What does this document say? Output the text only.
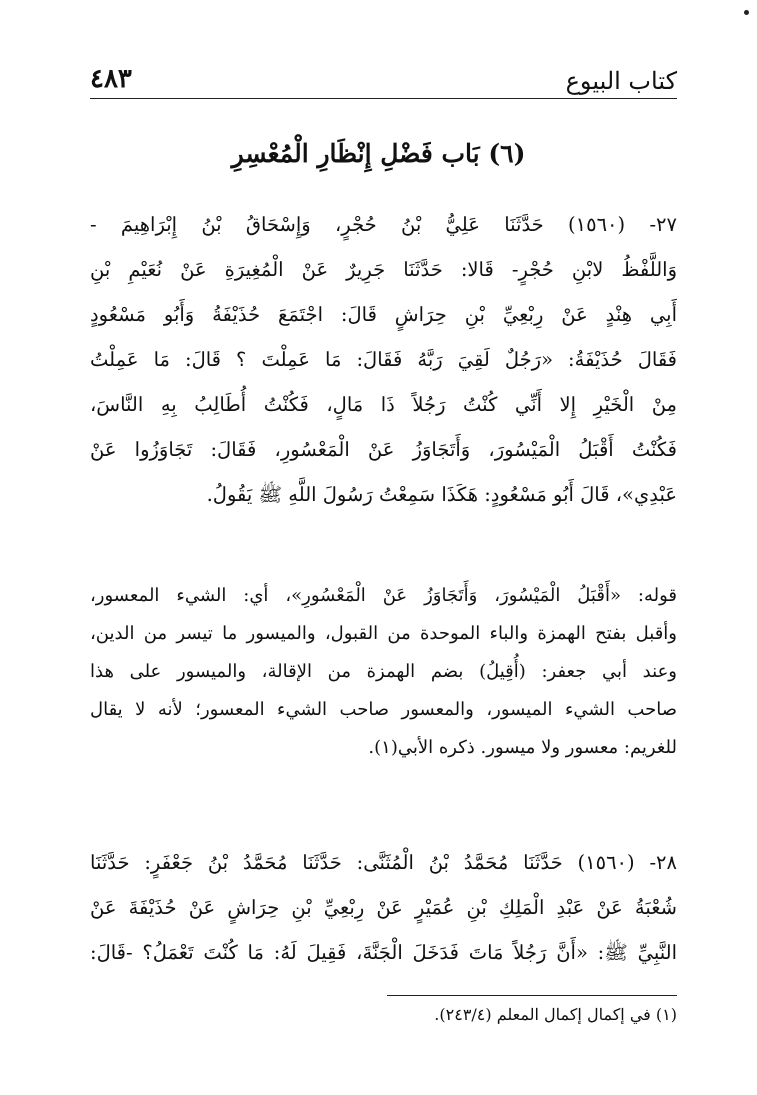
كتاب البيوع
٤٨٣
(٦) بَاب فَضْلِ إِنْظَارِ الْمُعْسِرِ
٢٧- (١٥٦٠) حَدَّثَنَا عَلِيُّ بْنُ حُجْرٍ، وَإِسْحَاقُ بْنُ إِبْرَاهِيمَ -
وَاللَّفْظُ لابْنِ حُجْرٍ- قَالا: حَدَّثَنَا جَرِيرٌ عَنْ الْمُغِيرَةِ عَنْ نُعَيْمِ بْنِ
أَبِي هِنْدٍ عَنْ رِبْعِيِّ بْنِ حِرَاشٍ قَالَ: اجْتَمَعَ حُذَيْفَةُ وَأَبُو مَسْعُودٍ
فَقَالَ حُذَيْفَةُ: «رَجُلٌ لَقِيَ رَبَّهُ فَقَالَ: مَا عَمِلْتَ ؟ قَالَ: مَا عَمِلْتُ
مِنْ الْخَيْرِ إِلا أَنِّي كُنْتُ رَجُلاً ذَا مَالٍ، فَكُنْتُ أُطَالِبُ بِهِ النَّاسَ،
فَكُنْتُ أَقْبَلُ الْمَيْسُورَ، وَأَتَجَاوَزُ عَنْ الْمَعْسُورِ، فَقَالَ: تَجَاوَزُوا عَنْ
عَبْدِي»، قَالَ أَبُو مَسْعُودٍ: هَكَذَا سَمِعْتُ رَسُولَ اللَّهِ ﷺ يَقُولُ.
قوله: «أَقْبَلُ الْمَيْسُورَ، وَأَتَجَاوَزُ عَنْ الْمَعْسُورِ»، أي: الشيء المعسور،
وأقبل بفتح الهمزة والباء الموحدة من القبول، والميسور ما تيسر من الدين،
وعند أبي جعفر: (أُقِيلُ) بضم الهمزة من الإقالة، والميسور على هذا
صاحب الشيء الميسور، والمعسور صاحب الشيء المعسور؛ لأنه لا يقال
للغريم: معسور ولا ميسور. ذكره الأبي(١).
٢٨- (١٥٦٠) حَدَّثَنَا مُحَمَّدُ بْنُ الْمُثَنَّى: حَدَّثَنَا مُحَمَّدُ بْنُ جَعْفَرٍ: حَدَّثَنَا
شُعْبَةُ عَنْ عَبْدِ الْمَلِكِ بْنِ عُمَيْرٍ عَنْ رِبْعِيِّ بْنِ حِرَاشٍ عَنْ حُذَيْفَةَ عَنْ
النَّبِيِّ ﷺ: «أَنَّ رَجُلاً مَاتَ فَدَخَلَ الْجَنَّةَ، فَقِيلَ لَهُ: مَا كُنْتَ تَعْمَلُ؟ -قَالَ:
(١) في إكمال إكمال المعلم (٢٤٣/٤).
